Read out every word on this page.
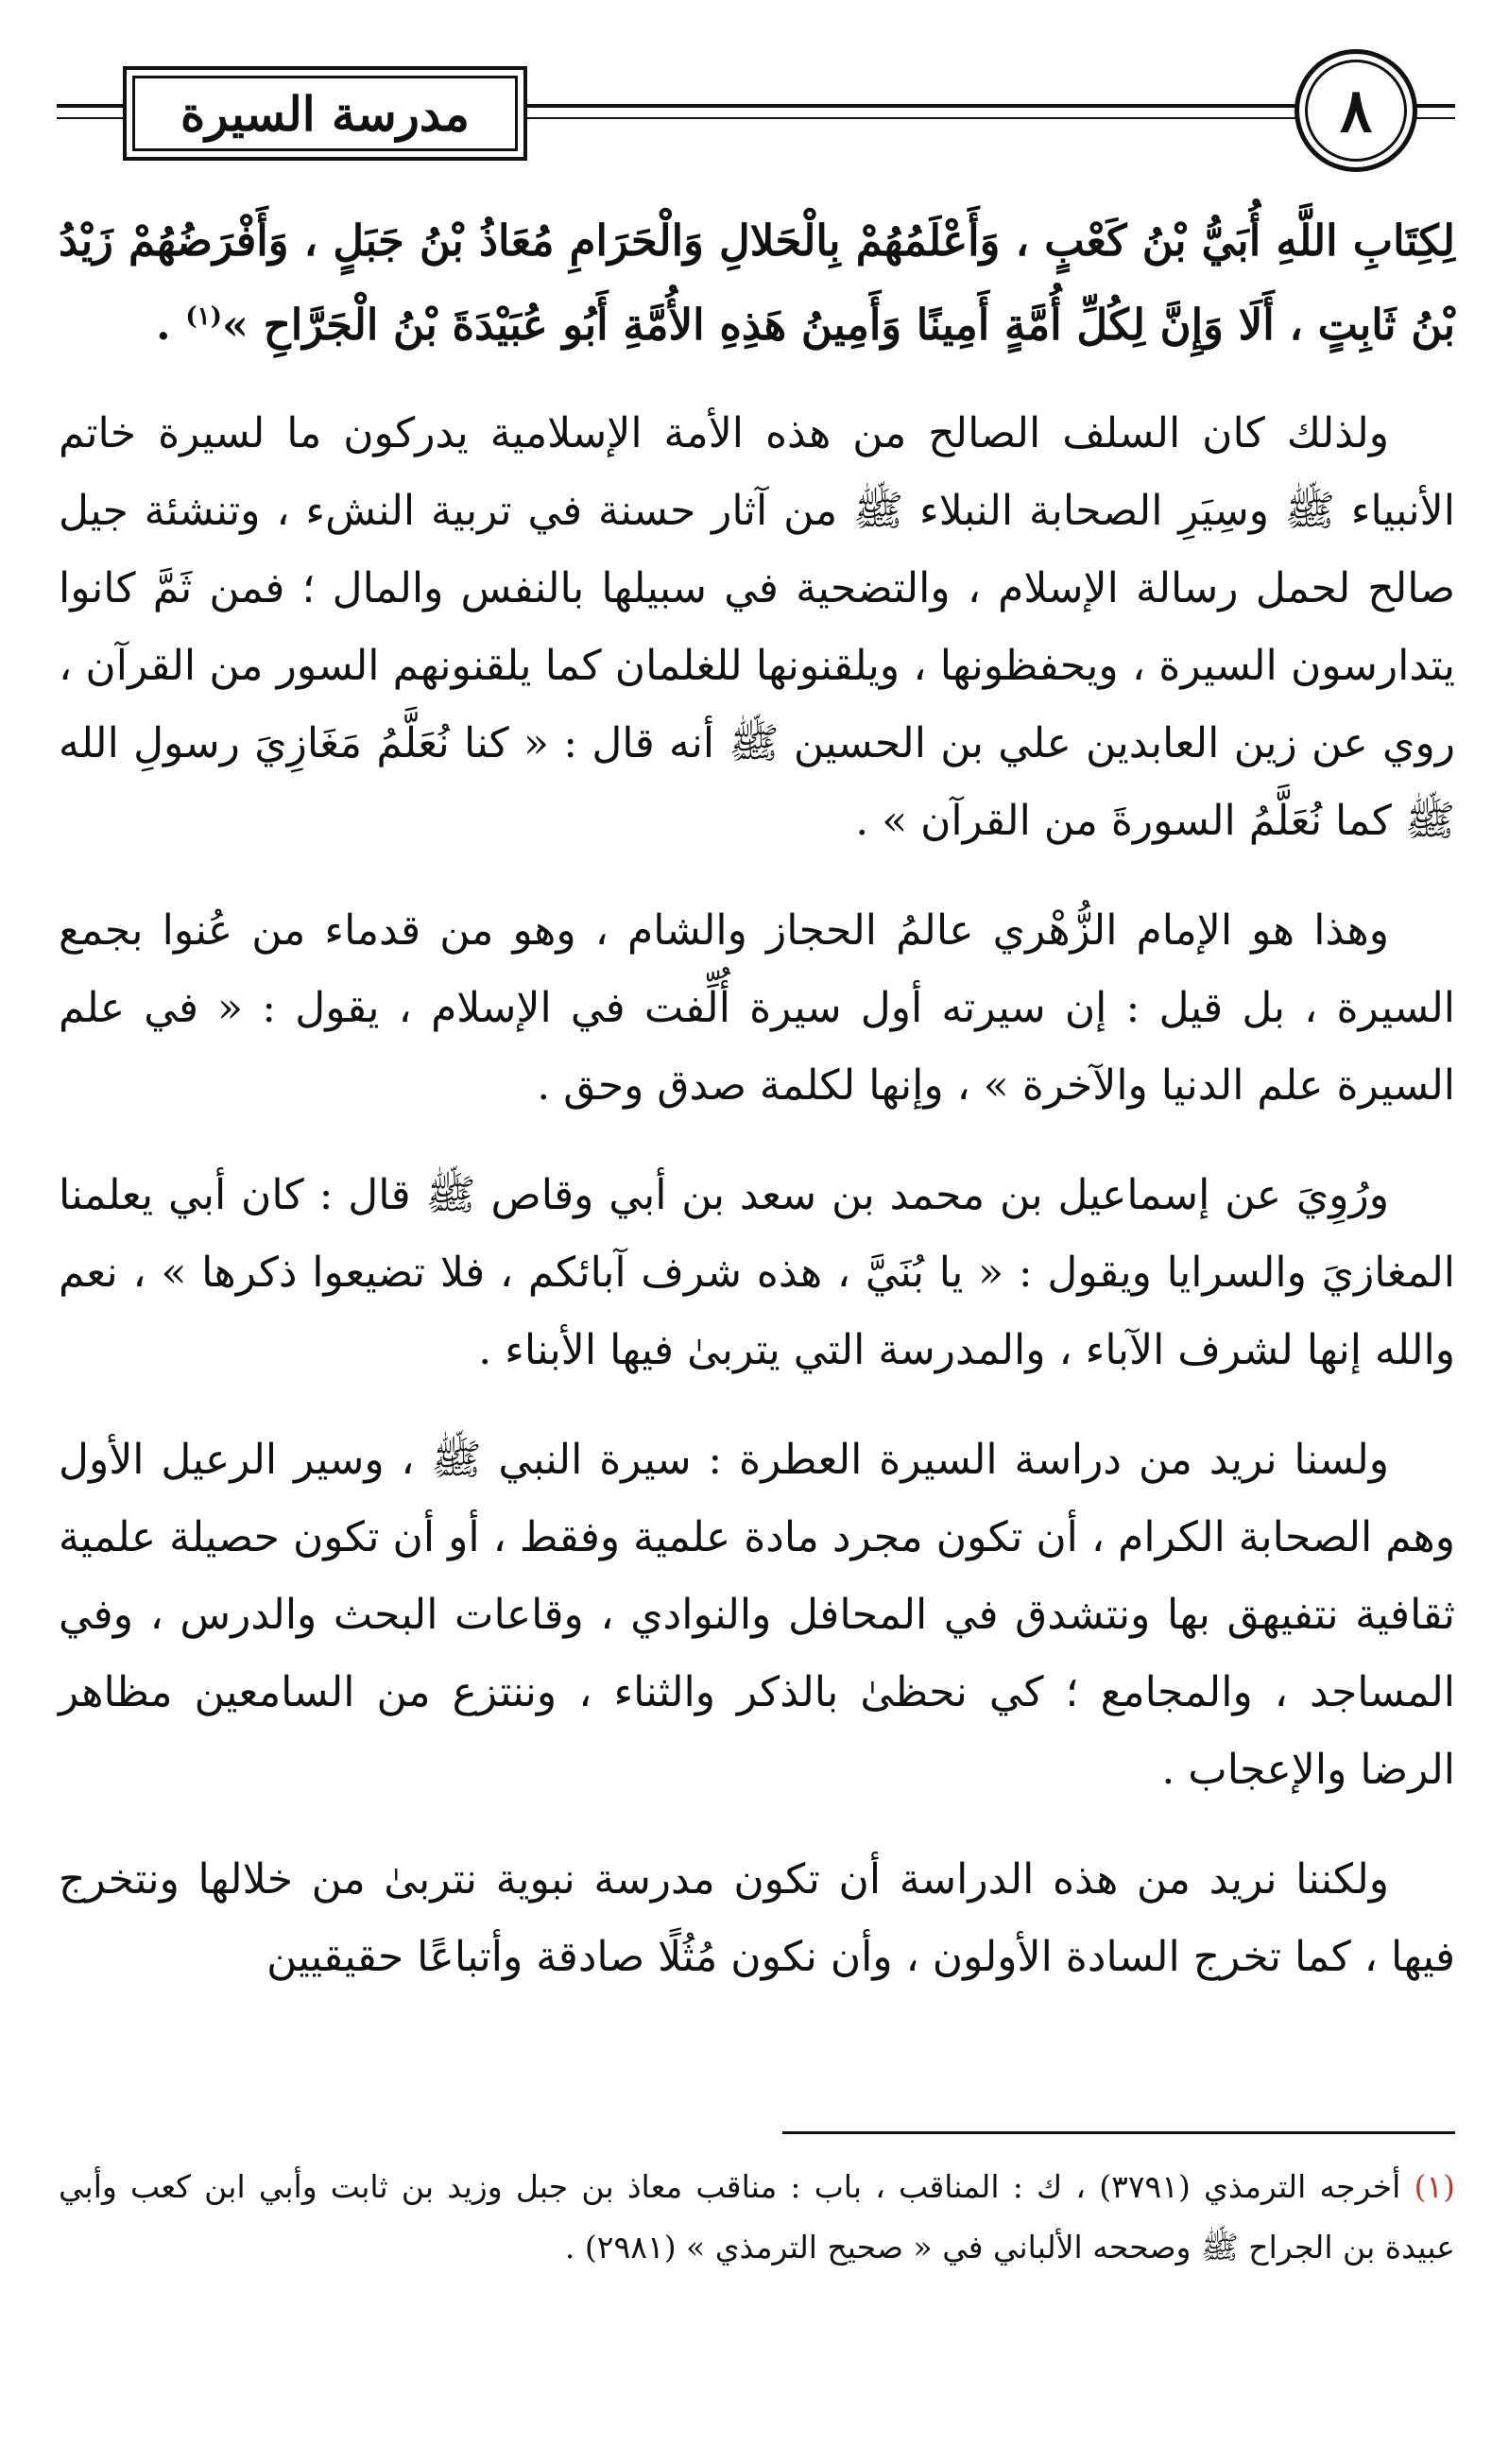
مدرسة السيرة	٨

لِكِتَابِ اللَّهِ أُبَيُّ بْنُ كَعْبٍ ، وَأَعْلَمُهُمْ بِالْحَلالِ وَالْحَرَامِ مُعَاذُ بْنُ جَبَلٍ ، وَأَفْرَضُهُمْ زَيْدُ بْنُ ثَابِتٍ ، أَلَا وَإِنَّ لِكُلِّ أُمَّةٍ أَمِينًا وَأَمِينُ هَذِهِ الأُمَّةِ أَبُو عُبَيْدَةَ بْنُ الْجَرَّاحِ »$^{(١)}$ .

ولذلك كان السلف الصالح من هذه الأمة الإسلامية يدركون ما لسيرة خاتم الأنبياء ﷺ وسِيَرِ الصحابة النبلاء ﷺ من آثار حسنة في تربية النشء ، وتنشئة جيل صالح لحمل رسالة الإسلام ، والتضحية في سبيلها بالنفس والمال ؛ فمن ثَمَّ كانوا يتدارسون السيرة ، ويحفظونها ، ويلقنونها للغلمان كما يلقنونهم السور من القرآن ، روي عن زين العابدين علي بن الحسين ﷺ أنه قال : « كنا نُعَلَّمُ مَغَازِيَ رسولِ الله ﷺ كما نُعَلَّمُ السورةَ من القرآن » .

وهذا هو الإمام الزُّهْري عالمُ الحجاز والشام ، وهو من قدماء من عُنوا بجمع السيرة ، بل قيل : إن سيرته أول سيرة أُلِّفت في الإسلام ، يقول : « في علم السيرة علم الدنيا والآخرة » ، وإنها لكلمة صدق وحق .

ورُوِيَ عن إسماعيل بن محمد بن سعد بن أبي وقاص ﷺ قال : كان أبي يعلمنا المغازيَ والسرايا ويقول : « يا بُنَيَّ ، هذه شرف آبائكم ، فلا تضيعوا ذكرها » ، نعم والله إنها لشرف الآباء ، والمدرسة التي يتربىٰ فيها الأبناء .

ولسنا نريد من دراسة السيرة العطرة : سيرة النبي ﷺ ، وسير الرعيل الأول وهم الصحابة الكرام ، أن تكون مجرد مادة علمية وفقط ، أو أن تكون حصيلة علمية ثقافية نتفيهق بها ونتشدق في المحافل والنوادي ، وقاعات البحث والدرس ، وفي المساجد ، والمجامع ؛ كي نحظىٰ بالذكر والثناء ، وننتزع من السامعين مظاهر الرضا والإعجاب .

ولكننا نريد من هذه الدراسة أن تكون مدرسة نبوية نتربىٰ من خلالها ونتخرج فيها ، كما تخرج السادة الأولون ، وأن نكون مُثُلًا صادقة وأتباعًا حقيقيين

(١) أخرجه الترمذي (٣٧٩١) ، ك : المناقب ، باب : مناقب معاذ بن جبل وزيد بن ثابت وأبي ابن كعب وأبي عبيدة بن الجراح ﷺ وصححه الألباني في « صحيح الترمذي » (٢٩٨١) .
